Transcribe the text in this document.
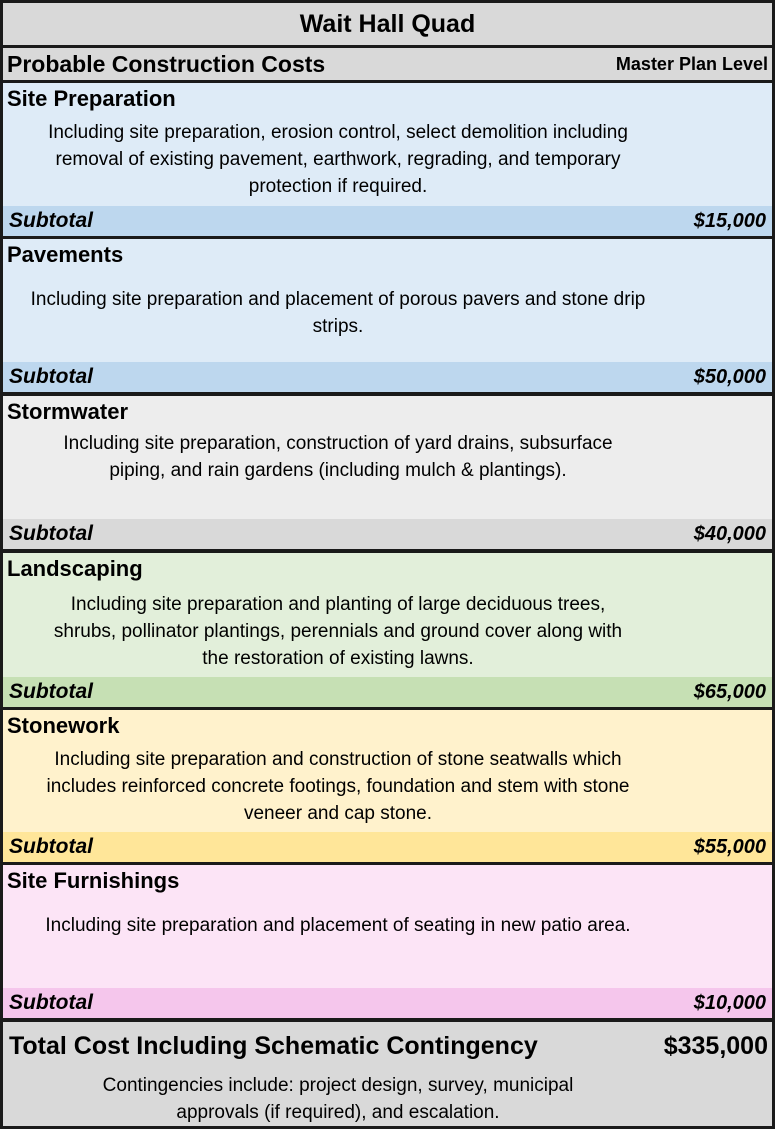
Wait Hall Quad
Probable Construction Costs	Master Plan Level
Site Preparation
Including site preparation, erosion control, select demolition including removal of existing pavement, earthwork, regrading, and temporary protection if required.
Subtotal	$15,000
Pavements
Including site preparation and placement of porous pavers and stone drip strips.
Subtotal	$50,000
Stormwater
Including site preparation, construction of yard drains, subsurface piping, and rain gardens (including mulch & plantings).
Subtotal	$40,000
Landscaping
Including site preparation and planting of large deciduous trees, shrubs, pollinator plantings, perennials and ground cover along with the restoration of existing lawns.
Subtotal	$65,000
Stonework
Including site preparation and construction of stone seatwalls which includes reinforced concrete footings, foundation and stem with stone veneer and cap stone.
Subtotal	$55,000
Site Furnishings
Including site preparation and placement of seating in new patio area.
Subtotal	$10,000
Total Cost Including Schematic Contingency	$335,000
Contingencies include: project design, survey, municipal approvals (if required), and escalation.
